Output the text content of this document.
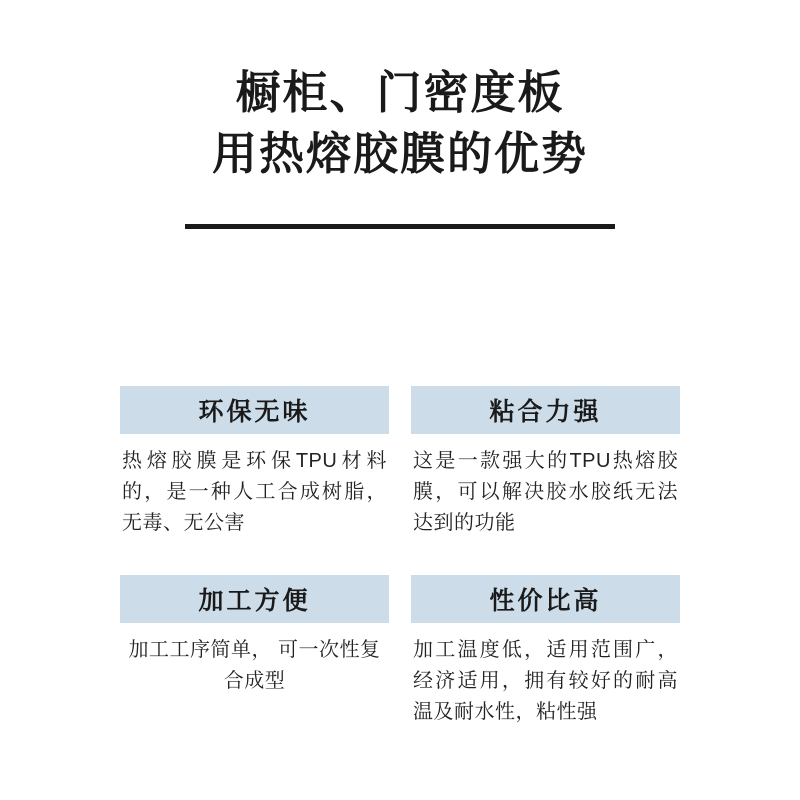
橱柜、门密度板
用热熔胶膜的优势
环保无味
热熔胶膜是环保TPU材料的，是一种人工合成树脂，无毒、无公害
加工方便
加工工序简单， 可一次性复合成型
粘合力强
这是一款强大的TPU热熔胶膜，可以解决胶水胶纸无法达到的功能
性价比高
加工温度低，适用范围广，经济适用，拥有较好的耐高温及耐水性，粘性强
